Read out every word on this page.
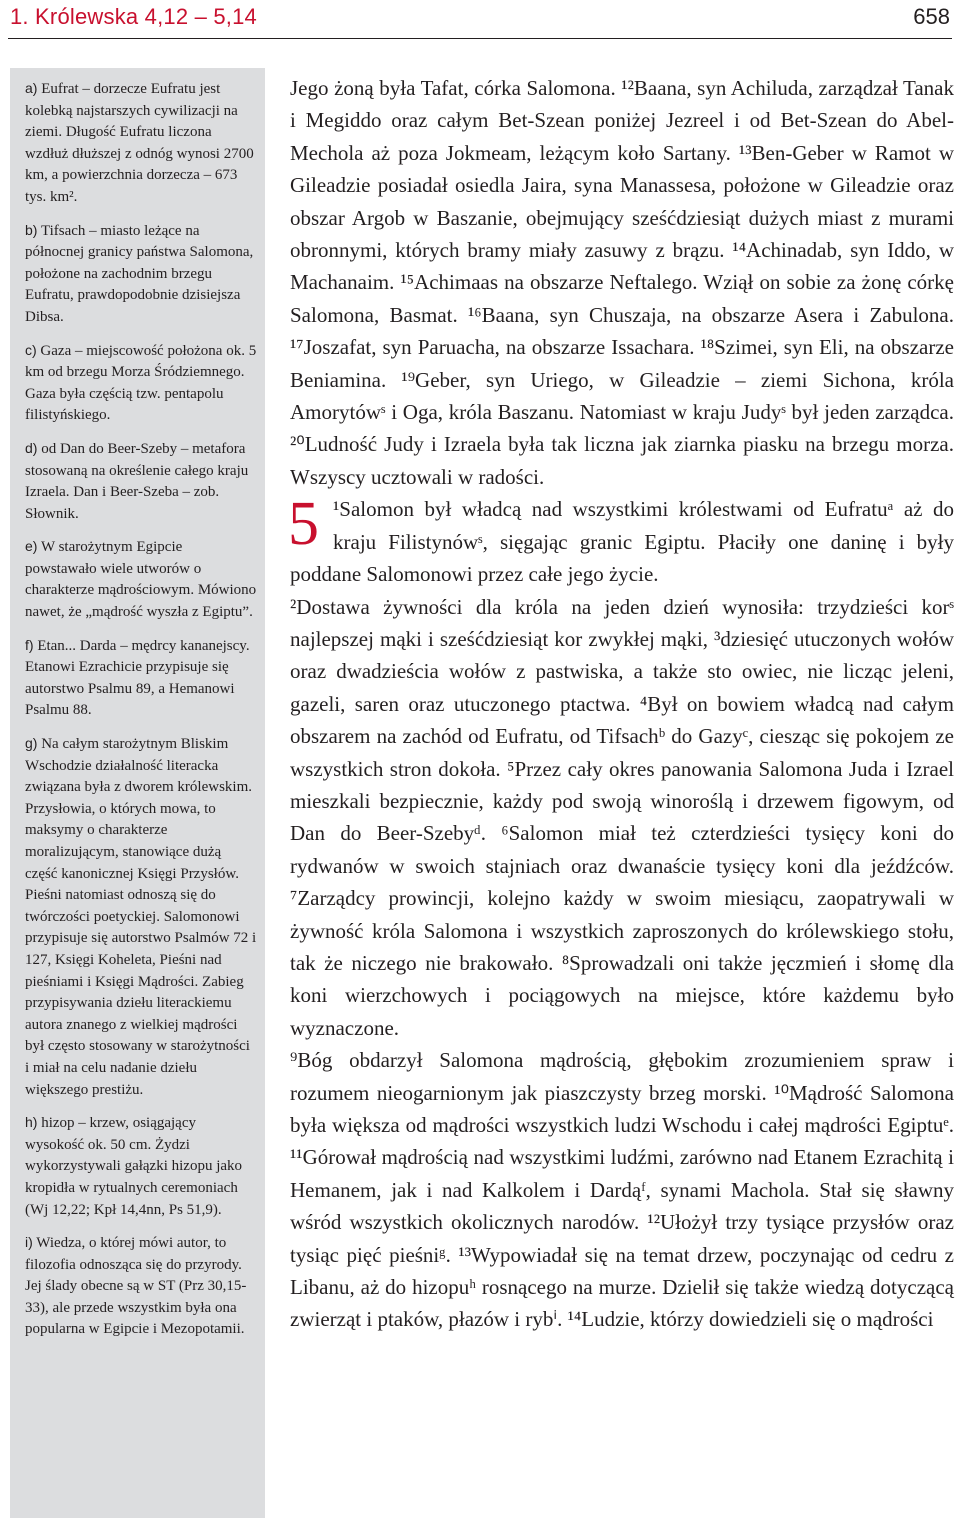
1. Królewska 4,12 – 5,14	658

a) Eufrat – dorzecze Eufratu jest kolebką najstarszych cywilizacji na ziemi. Długość Eufratu liczona wzdłuż dłuższej z odnóg wynosi 2700 km, a powierzchnia dorzecza – 673 tys. km².

b) Tifsach – miasto leżące na północnej granicy państwa Salomona, położone na zachodnim brzegu Eufratu, prawdopodobnie dzisiejsza Dibsa.

c) Gaza – miejscowość położona ok. 5 km od brzegu Morza Śródziemnego. Gaza była częścią tzw. pentapolu filistyńskiego.

d) od Dan do Beer-Szeby – metafora stosowaną na określenie całego kraju Izraela. Dan i Beer-Szeba – zob. Słownik.

e) W starożytnym Egipcie powstawało wiele utworów o charakterze mądrościowym. Mówiono nawet, że „mądrość wyszła z Egiptu”.

f) Etan... Darda – mędrcy kananejscy. Etanowi Ezrachicie przypisuje się autorstwo Psalmu 89, a Hemanowi Psalmu 88.

g) Na całym starożytnym Bliskim Wschodzie działalność literacka związana była z dworem królewskim. Przysłowia, o których mowa, to maksymy o charakterze moralizującym, stanowiące dużą część kanonicznej Księgi Przysłów. Pieśni natomiast odnoszą się do twórczości poetyckiej. Salomonowi przypisuje się autorstwo Psalmów 72 i 127, Księgi Koheleta, Pieśni nad pieśniami i Księgi Mądrości. Zabieg przypisywania dziełu literackiemu autora znanego z wielkiej mądrości był często stosowany w starożytności i miał na celu nadanie dziełu większego prestiżu.

h) hizop – krzew, osiągający wysokość ok. 50 cm. Żydzi wykorzystywali gałązki hizopu jako kropidła w rytualnych ceremoniach (Wj 12,22; Kpł 14,4nn, Ps 51,9).

i) Wiedza, o której mówi autor, to filozofia odnosząca się do przyrody. Jej ślady obecne są w ST (Prz 30,15-33), ale przede wszystkim była ona popularna w Egipcie i Mezopotamii.

Jego żoną była Tafat, córka Salomona. ¹²Baana, syn Achiluda, zarządzał Tanak i Megiddo oraz całym Bet-Szean poniżej Jezreel i od Bet-Szean do Abel-Mechola aż poza Jokmeam, leżącym koło Sartany. ¹³Ben-Geber w Ramot w Gileadzie posiadał osiedla Jaira, syna Manassesa, położone w Gileadzie oraz obszar Argob w Baszanie, obejmujący sześćdziesiąt dużych miast z murami obronnymi, których bramy miały zasuwy z brązu. ¹⁴Achinadab, syn Iddo, w Machanaim. ¹⁵Achimaas na obszarze Neftalego. Wziął on sobie za żonę córkę Salomona, Basmat. ¹⁶Baana, syn Chuszaja, na obszarze Asera i Zabulona. ¹⁷Joszafat, syn Paruacha, na obszarze Issachara. ¹⁸Szimei, syn Eli, na obszarze Beniamina. ¹⁹Geber, syn Uriego, w Gileadzie – ziemi Sichona, króla Amorytówˢ i Oga, króla Baszanu. Natomiast w kraju Judyˢ był jeden zarządca. ²⁰Ludność Judy i Izraela była tak liczna jak ziarnka piasku na brzegu morza. Wszyscy ucztowali w radości.

5 ¹Salomon był władcą nad wszystkimi królestwami od Eufratuᵃ aż do kraju Filistynówˢ, sięgając granic Egiptu. Płaciły one daninę i były poddane Salomonowi przez całe jego życie.

²Dostawa żywności dla króla na jeden dzień wynosiła: trzydzieści korˢ najlepszej mąki i sześćdziesiąt kor zwykłej mąki, ³dziesięć utuczonych wołów oraz dwadzieścia wołów z pastwiska, a także sto owiec, nie licząc jeleni, gazeli, saren oraz utuczonego ptactwa. ⁴Był on bowiem władcą nad całym obszarem na zachód od Eufratu, od Tifsachᵇ do Gazyᶜ, ciesząc się pokojem ze wszystkich stron dokoła. ⁵Przez cały okres panowania Salomona Juda i Izrael mieszkali bezpiecznie, każdy pod swoją winoroślą i drzewem figowym, od Dan do Beer-Szebyᵈ. ⁶Salomon miał też czterdzieści tysięcy koni do rydwanów w swoich stajniach oraz dwanaście tysięcy koni dla jeźdźców. ⁷Zarządcy prowincji, kolejno każdy w swoim miesiącu, zaopatrywali w żywność króla Salomona i wszystkich zaproszonych do królewskiego stołu, tak że niczego nie brakowało. ⁸Sprowadzali oni także jęczmień i słomę dla koni wierzchowych i pociągowych na miejsce, które każdemu było wyznaczone.

⁹Bóg obdarzył Salomona mądrością, głębokim zrozumieniem spraw i rozumem nieogarnionym jak piaszczysty brzeg morski. ¹⁰Mądrość Salomona była większa od mądrości wszystkich ludzi Wschodu i całej mądrości Egiptuᵉ. ¹¹Górował mądrością nad wszystkimi ludźmi, zarówno nad Etanem Ezrachitą i Hemanem, jak i nad Kalkolem i Dardąᶠ, synami Machola. Stał się sławny wśród wszystkich okolicznych narodów. ¹²Ułożył trzy tysiące przysłów oraz tysiąc pięć pieśniᵍ. ¹³Wypowiadał się na temat drzew, poczynając od cedru z Libanu, aż do hizopuʰ rosnącego na murze. Dzielił się także wiedzą dotyczącą zwierząt i ptaków, płazów i rybⁱ. ¹⁴Ludzie, którzy dowiedzieli się o mądrości
